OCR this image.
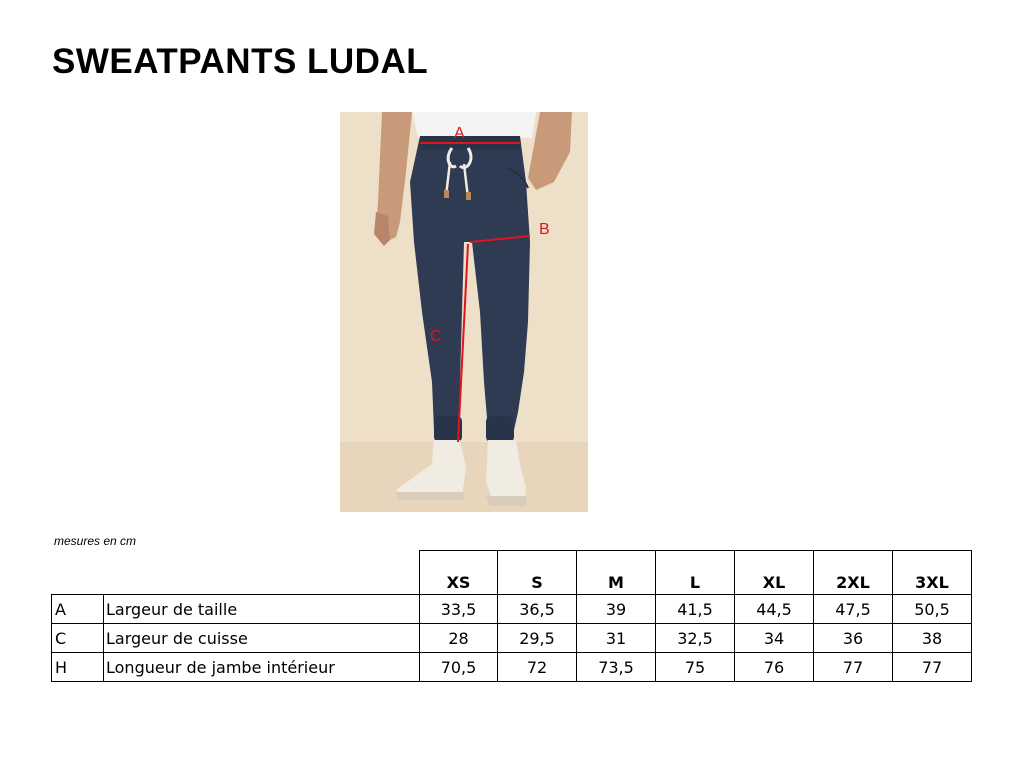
SWEATPANTS LUDAL
A
B
C
mesures en cm
		XS	S	M	L	XL	2XL	3XL
A	Largeur de taille	33,5	36,5	39	41,5	44,5	47,5	50,5
C	Largeur de cuisse	28	29,5	31	32,5	34	36	38
H	Longueur de jambe intérieur	70,5	72	73,5	75	76	77	77
